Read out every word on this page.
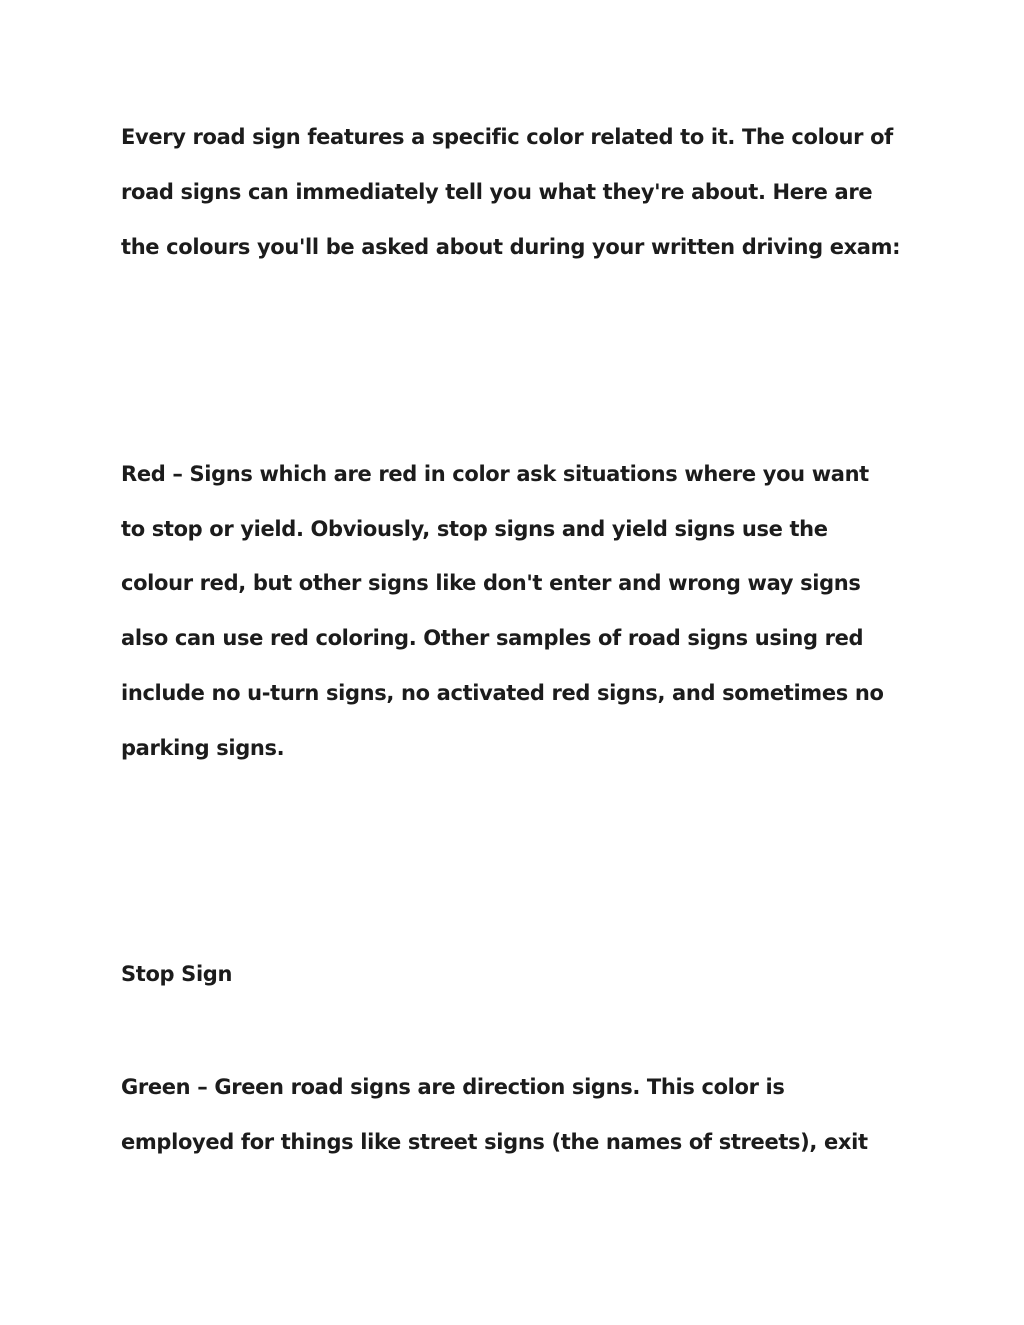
Every road sign features a specific color related to it. The colour of

road signs can immediately tell you what they're about. Here are

the colours you'll be asked about during your written driving exam:

Red – Signs which are red in color ask situations where you want

to stop or yield. Obviously, stop signs and yield signs use the

colour red, but other signs like don't enter and wrong way signs

also can use red coloring. Other samples of road signs using red

include no u-turn signs, no activated red signs, and sometimes no

parking signs.

Stop Sign

Green – Green road signs are direction signs. This color is

employed for things like street signs (the names of streets), exit
